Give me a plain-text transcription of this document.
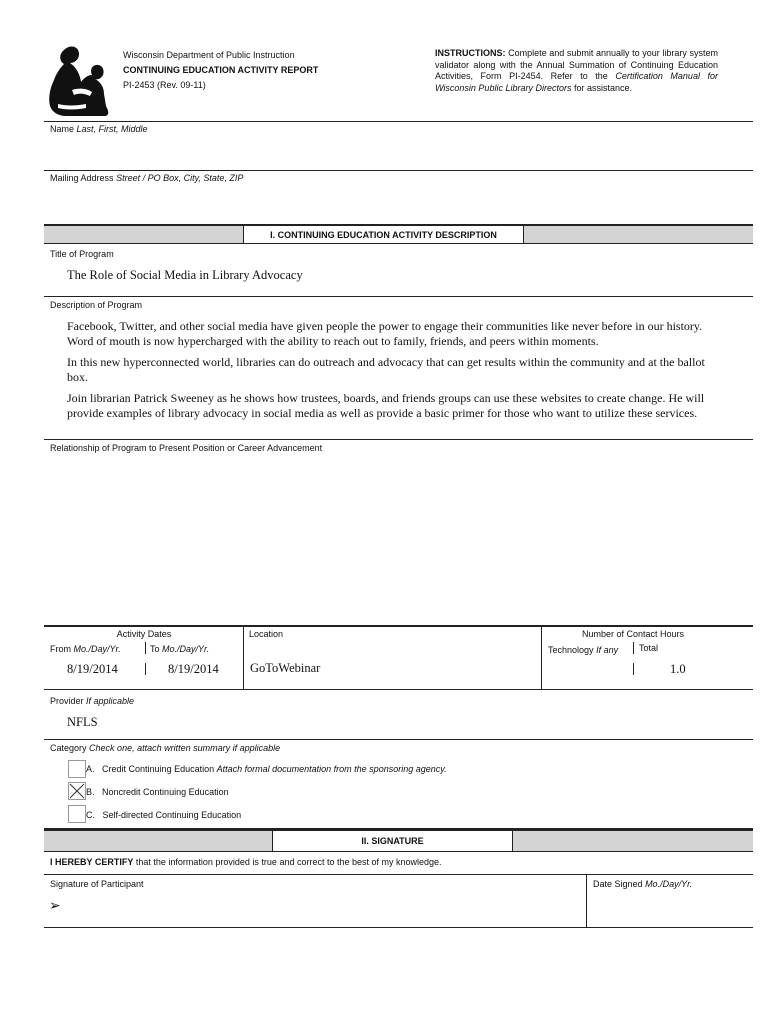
Wisconsin Department of Public Instruction
CONTINUING EDUCATION ACTIVITY REPORT
PI-2453 (Rev. 09-11)
INSTRUCTIONS: Complete and submit annually to your library system validator along with the Annual Summation of Continuing Education Activities, Form PI-2454. Refer to the Certification Manual for Wisconsin Public Library Directors for assistance.
Name Last, First, Middle
Mailing Address Street / PO Box, City, State, ZIP
I. CONTINUING EDUCATION ACTIVITY DESCRIPTION
Title of Program
The Role of Social Media in Library Advocacy
Description of Program
Facebook, Twitter, and other social media have given people the power to engage their communities like never before in our history. Word of mouth is now hypercharged with the ability to reach out to family, friends, and peers within moments.
In this new hyperconnected world, libraries can do outreach and advocacy that can get results within the community and at the ballot box.
Join librarian Patrick Sweeney as he shows how trustees, boards, and friends groups can use these websites to create change. He will provide examples of library advocacy in social media as well as provide a basic primer for those who want to utilize these services.
Relationship of Program to Present Position or Career Advancement
Activity Dates
From Mo./Day/Yr.	To Mo./Day/Yr.
8/19/2014	8/19/2014
Location
GoToWebinar
Number of Contact Hours
Technology If any Total
1.0
Provider If applicable
NFLS
Category Check one, attach written summary if applicable
A. Credit Continuing Education Attach formal documentation from the sponsoring agency.
B. Noncredit Continuing Education
C. Self-directed Continuing Education
II. SIGNATURE
I HEREBY CERTIFY that the information provided is true and correct to the best of my knowledge.
Signature of Participant
➢
Date Signed Mo./Day/Yr.
